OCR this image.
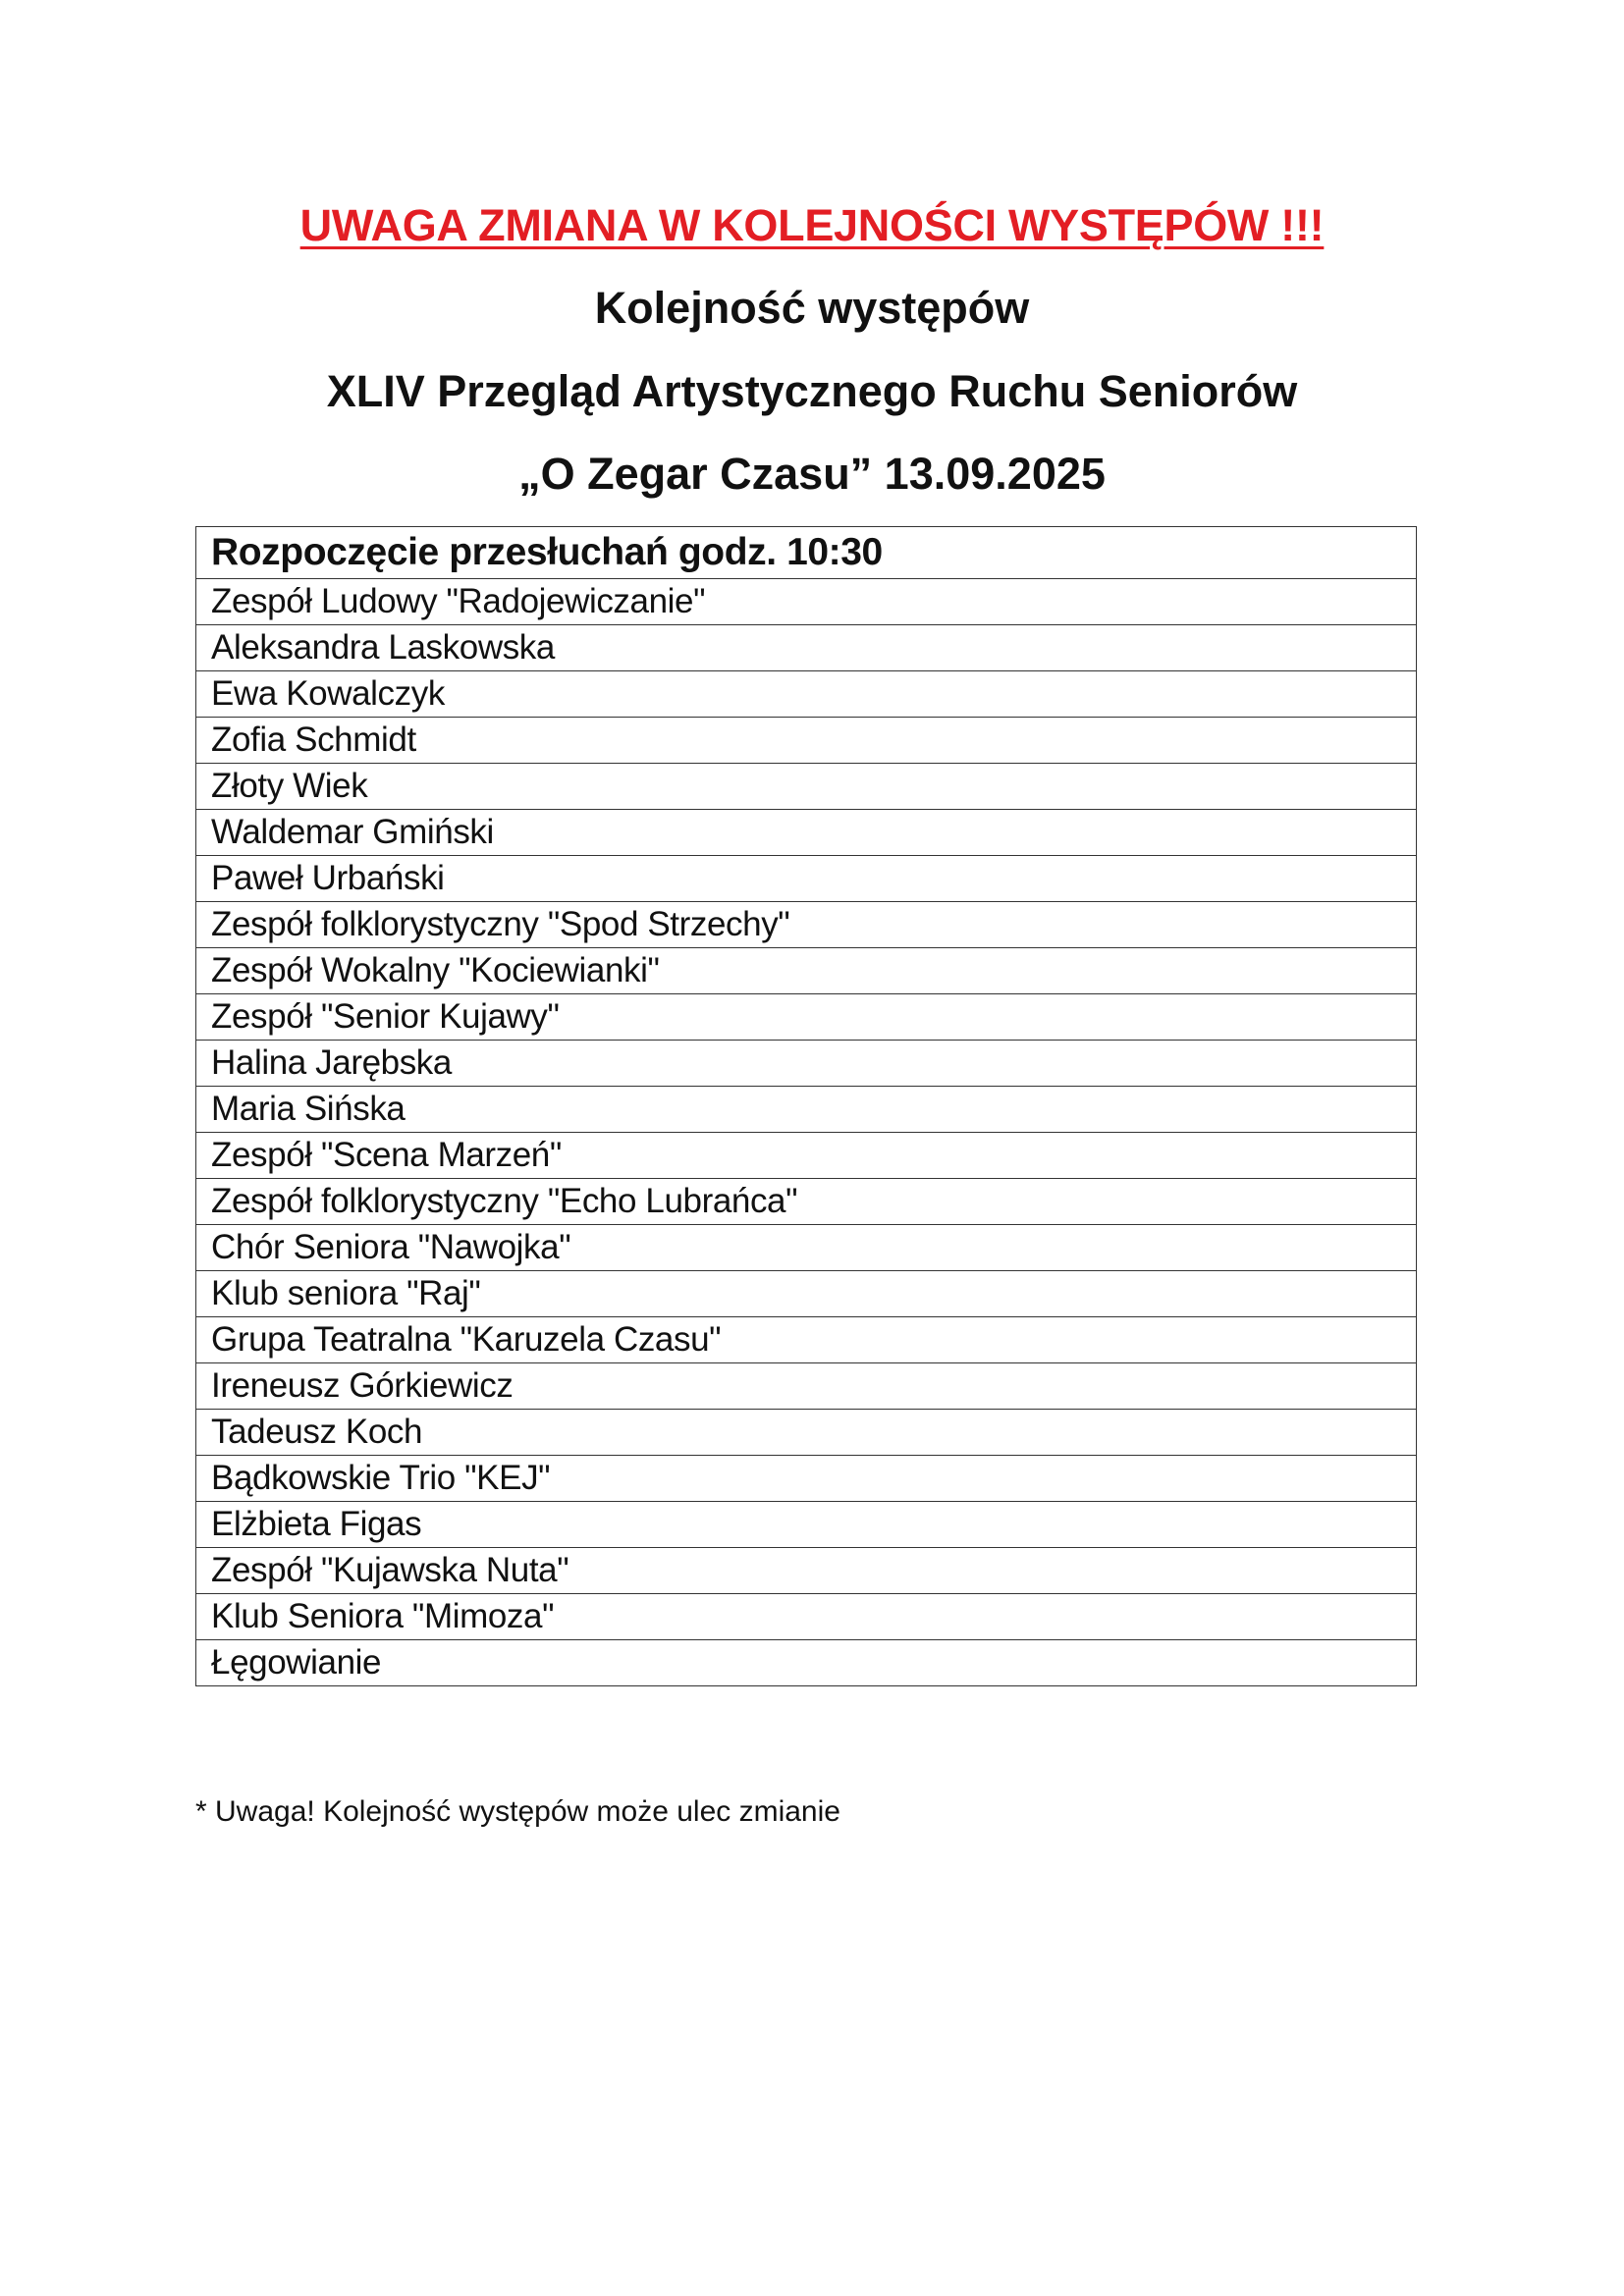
UWAGA ZMIANA W KOLEJNOŚCI WYSTĘPÓW !!!
Kolejność występów
XLIV Przegląd Artystycznego Ruchu Seniorów
„O Zegar Czasu” 13.09.2025
Rozpoczęcie przesłuchań godz. 10:30
Zespół Ludowy "Radojewiczanie"
Aleksandra Laskowska
Ewa Kowalczyk
Zofia Schmidt
Złoty Wiek
Waldemar Gmiński
Paweł Urbański
Zespół folklorystyczny "Spod Strzechy"
Zespół Wokalny "Kociewianki"
Zespół "Senior Kujawy"
Halina Jarębska
Maria Sińska
Zespół "Scena Marzeń"
Zespół folklorystyczny "Echo Lubrańca"
Chór Seniora "Nawojka"
Klub seniora "Raj"
Grupa Teatralna "Karuzela Czasu"
Ireneusz Górkiewicz
Tadeusz Koch
Bądkowskie Trio "KEJ"
Elżbieta Figas
Zespół "Kujawska Nuta"
Klub Seniora "Mimoza"
Łęgowianie
* Uwaga! Kolejność występów może ulec zmianie
